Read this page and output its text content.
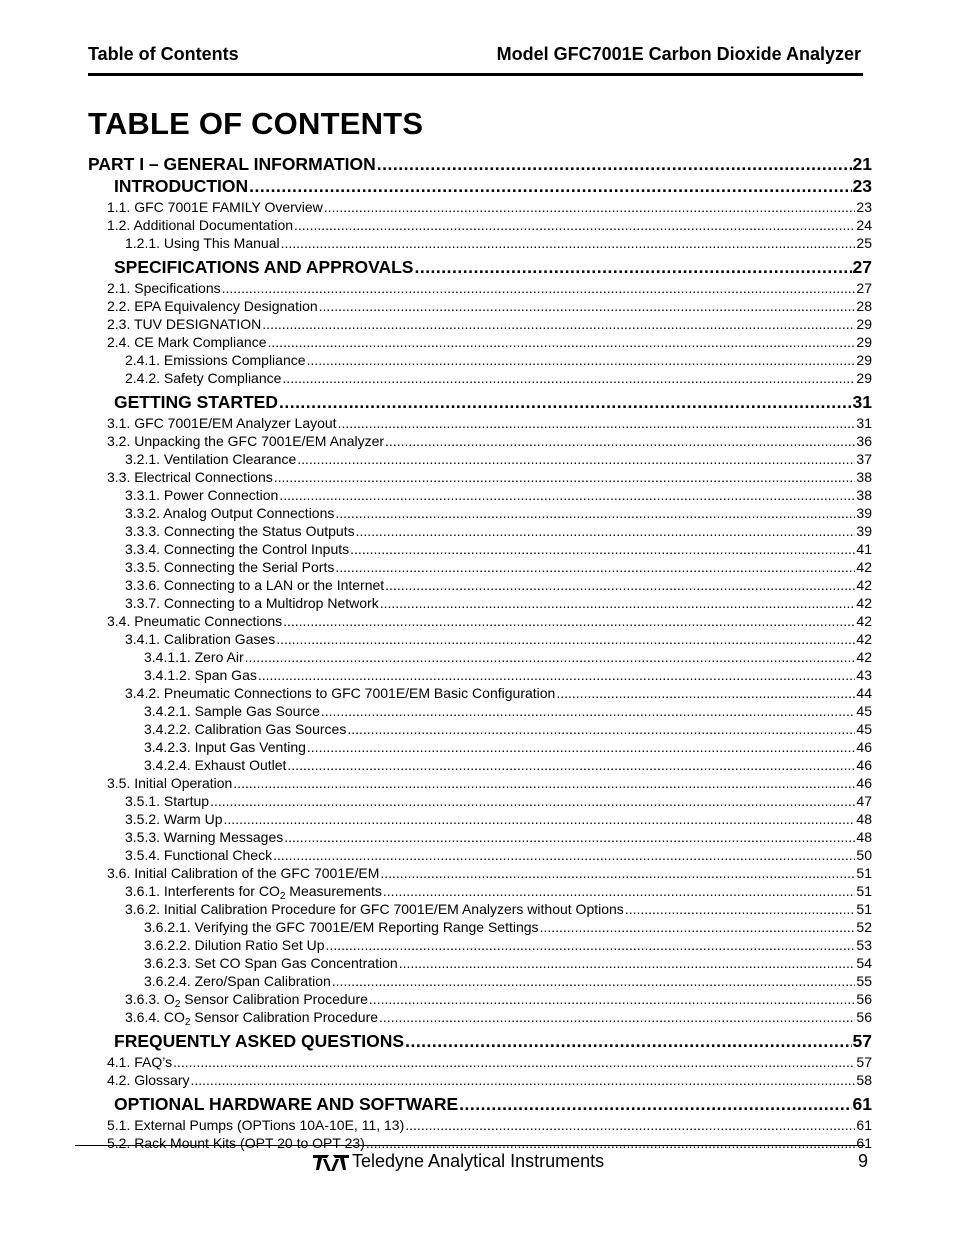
Table of Contents	Model GFC7001E Carbon Dioxide Analyzer
TABLE OF CONTENTS
PART I – GENERAL INFORMATION .....	21
INTRODUCTION .....	23
1.1. GFC 7001E FAMILY Overview .....	23
1.2. Additional Documentation .....	24
1.2.1. Using This Manual .....	25
SPECIFICATIONS AND APPROVALS .....	27
2.1. Specifications .....	27
2.2. EPA Equivalency Designation .....	28
2.3. TUV DESIGNATION .....	29
2.4. CE Mark Compliance .....	29
2.4.1. Emissions Compliance .....	29
2.4.2. Safety Compliance .....	29
GETTING STARTED .....	31
3.1. GFC 7001E/EM Analyzer Layout .....	31
3.2. Unpacking the GFC 7001E/EM Analyzer .....	36
3.2.1. Ventilation Clearance .....	37
3.3. Electrical Connections .....	38
3.3.1. Power Connection .....	38
3.3.2. Analog Output Connections .....	39
3.3.3. Connecting the Status Outputs .....	39
3.3.4. Connecting the Control Inputs .....	41
3.3.5. Connecting the Serial Ports .....	42
3.3.6. Connecting to a LAN or the Internet .....	42
3.3.7. Connecting to a Multidrop Network .....	42
3.4. Pneumatic Connections .....	42
3.4.1. Calibration Gases .....	42
3.4.1.1. Zero Air .....	42
3.4.1.2. Span Gas .....	43
3.4.2. Pneumatic Connections to GFC 7001E/EM Basic Configuration .....	44
3.4.2.1. Sample Gas Source .....	45
3.4.2.2. Calibration Gas Sources .....	45
3.4.2.3. Input Gas Venting .....	46
3.4.2.4. Exhaust Outlet .....	46
3.5. Initial Operation .....	46
3.5.1. Startup .....	47
3.5.2. Warm Up .....	48
3.5.3. Warning Messages .....	48
3.5.4. Functional Check .....	50
3.6. Initial Calibration of the GFC 7001E/EM .....	51
3.6.1. Interferents for $CO_2$ Measurements .....	51
3.6.2. Initial Calibration Procedure for GFC 7001E/EM Analyzers without Options .....	51
3.6.2.1. Verifying the GFC 7001E/EM Reporting Range Settings .....	52
3.6.2.2. Dilution Ratio Set Up .....	53
3.6.2.3. Set CO Span Gas Concentration .....	54
3.6.2.4. Zero/Span Calibration .....	55
3.6.3. $O_2$ Sensor Calibration Procedure .....	56
3.6.4. $CO_2$ Sensor Calibration Procedure .....	56
FREQUENTLY ASKED QUESTIONS .....	57
4.1. FAQ’s .....	57
4.2. Glossary .....	58
OPTIONAL HARDWARE AND SOFTWARE .....	61
5.1. External Pumps (OPTions 10A-10E, 11, 13) .....	61
5.2. Rack Mount Kits (OPT 20 to OPT 23) .....	61
Teledyne Analytical Instruments	9
